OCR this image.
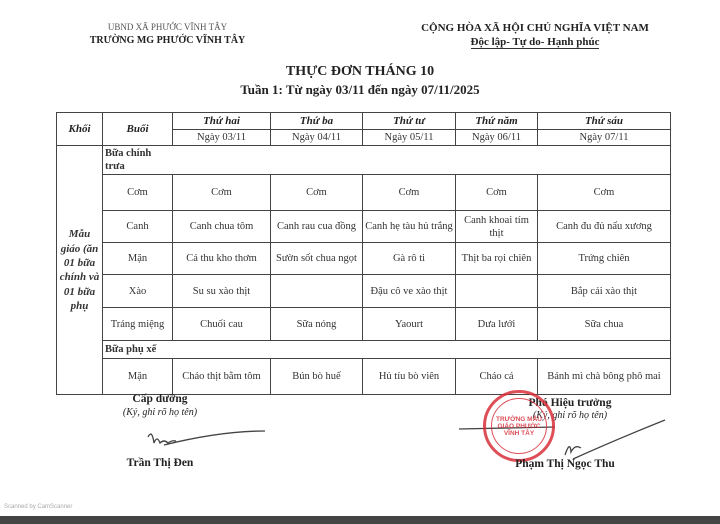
UBND XÃ PHƯỚC VĨNH TÂY
TRƯỜNG MG PHƯỚC VĨNH TÂY
CỘNG HÒA XÃ HỘI CHỦ NGHĨA VIỆT NAM
Độc lập- Tự do- Hạnh phúc
THỰC ĐƠN THÁNG 10
Tuần 1: Từ ngày 03/11 đến ngày 07/11/2025
Khối	Buổi	Thứ hai	Thứ ba	Thứ tư	Thứ năm	Thứ sáu
		Ngày 03/11	Ngày 04/11	Ngày 05/11	Ngày 06/11	Ngày 07/11
Mẫu giáo (ăn 01 bữa chính và 01 bữa phụ	Bữa chính trưa					

	Cơm	Cơm	Cơm	Cơm	Cơm	Cơm
	Canh	Canh chua tôm	Canh rau cua đồng	Canh hẹ tàu hủ trắng	Canh khoai tím thịt	Canh đu đủ nấu xương
	Mặn	Cá thu kho thơm	Sườn sốt chua ngọt	Gà rô ti	Thịt ba rọi chiên	Trứng chiên
	Xào	Su su xào thịt		Đậu cô ve xào thịt		Bắp cải xào thịt
	Tráng miệng	Chuối cau	Sữa nóng	Yaourt	Dưa lưới	Sữa chua
	Bữa phụ xế					
	Mặn	Cháo thịt bằm tôm	Bún bò huế	Hủ tíu bò viên	Cháo cá	Bánh mì chà bông phô mai
Cấp dưỡng
(Ký, ghi rõ họ tên)
Trần Thị Đen
Phó Hiệu trưởng
(Ký, ghi rõ họ tên)
TRƯỜNG MẪU GIÁO PHƯỚC VĨNH TÂY
Phạm Thị Ngọc Thu
Scanned by CamScanner
